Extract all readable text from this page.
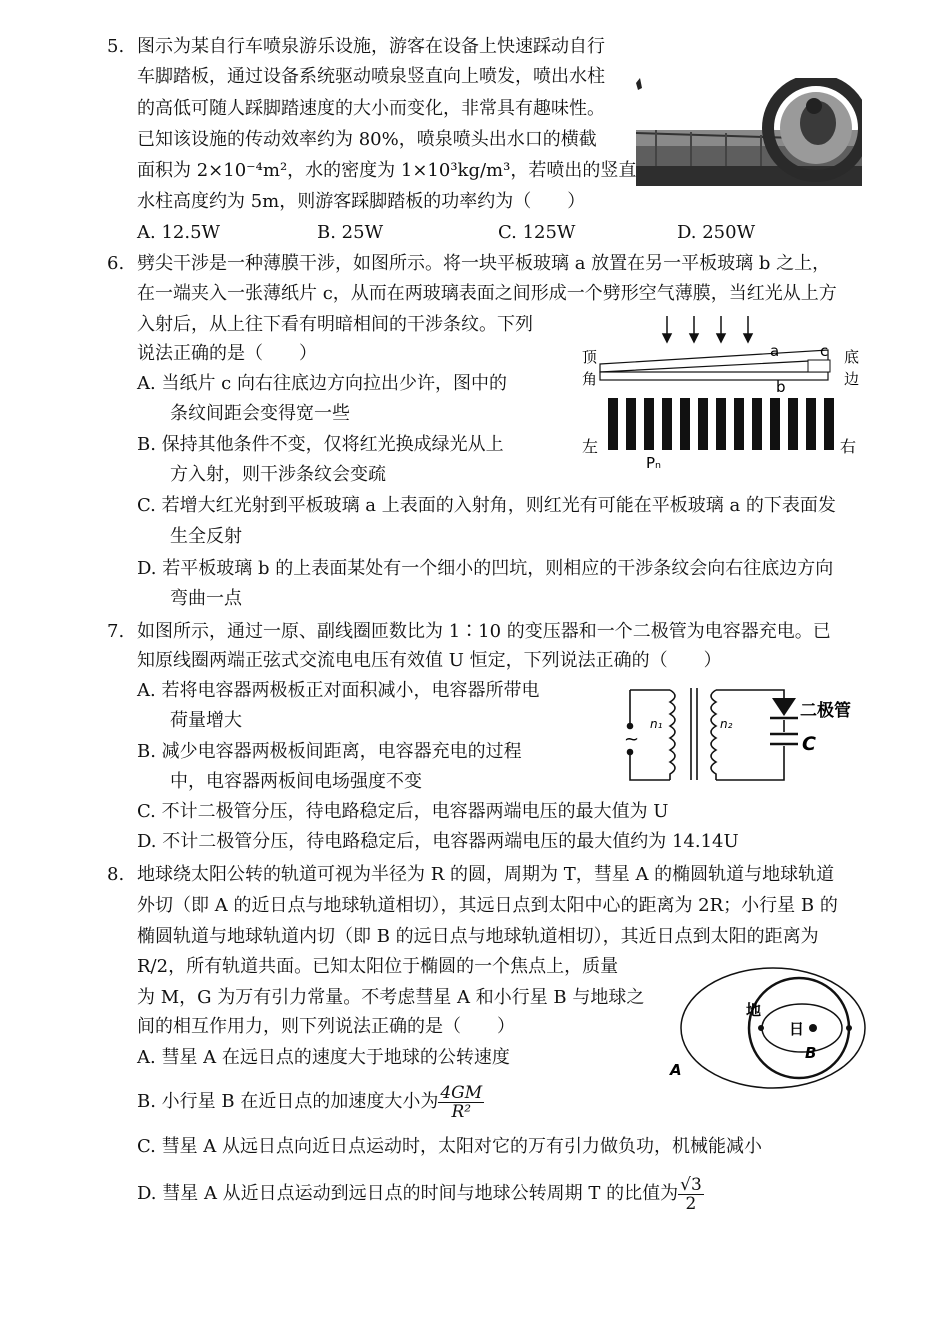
5. 图示为某自行车喷泉游乐设施，游客在设备上快速踩动自行
车脚踏板，通过设备系统驱动喷泉竖直向上喷发，喷出水柱
的高低可随人踩脚踏速度的大小而变化，非常具有趣味性。
已知该设施的传动效率约为 80%，喷泉喷头出水口的横截
面积为 2×10⁻⁴m²，水的密度为 1×10³kg/m³，若喷出的竖直
水柱高度约为 5m，则游客踩脚踏板的功率约为（　　）
A. 12.5W	B. 25W	C. 125W	D. 250W
6. 劈尖干涉是一种薄膜干涉，如图所示。将一块平板玻璃 a 放置在另一平板玻璃 b 之上，
在一端夹入一张薄纸片 c，从而在两玻璃表面之间形成一个劈形空气薄膜，当红光从上方
入射后，从上往下看有明暗相间的干涉条纹。下列
说法正确的是（　　）
A. 当纸片 c 向右往底边方向拉出少许，图中的
条纹间距会变得宽一些
B. 保持其他条件不变，仅将红光换成绿光从上
方入射，则干涉条纹会变疏
C. 若增大红光射到平板玻璃 a 上表面的入射角，则红光有可能在平板玻璃 a 的下表面发
生全反射
D. 若平板玻璃 b 的上表面某处有一个细小的凹坑，则相应的干涉条纹会向右往底边方向
弯曲一点
顶
角
底
边
a
b
c
左	右
Pₙ
7. 如图所示，通过一原、副线圈匝数比为 1∶10 的变压器和一个二极管为电容器充电。已
知原线圈两端正弦式交流电电压有效值 U 恒定，下列说法正确的（　　）
A. 若将电容器两极板正对面积减小，电容器所带电
荷量增大
B. 减少电容器两极板间距离，电容器充电的过程
中，电容器两板间电场强度不变
C. 不计二极管分压，待电路稳定后，电容器两端电压的最大值为 U
D. 不计二极管分压，待电路稳定后，电容器两端电压的最大值约为 14.14U
~
n₁	n₂
二极管
C
8. 地球绕太阳公转的轨道可视为半径为 R 的圆，周期为 T，彗星 A 的椭圆轨道与地球轨道
外切（即 A 的近日点与地球轨道相切），其远日点到太阳中心的距离为 2R；小行星 B 的
椭圆轨道与地球轨道内切（即 B 的远日点与地球轨道相切），其近日点到太阳的距离为
R/2，所有轨道共面。已知太阳位于椭圆的一个焦点上，质量
为 M，G 为万有引力常量。不考虑彗星 A 和小行星 B 与地球之
间的相互作用力，则下列说法正确的是（　　）
A. 彗星 A 在远日点的速度大于地球的公转速度
B. 小行星 B 在近日点的加速度大小为 $\frac{4GM}{\text{R²}}$
C. 彗星 A 从远日点向近日点运动时，太阳对它的万有引力做负功，机械能减小
D. 彗星 A 从近日点运动到远日点的时间与地球公转周期 T 的比值为 $\frac{√3}{2}$
地
日
B
A
